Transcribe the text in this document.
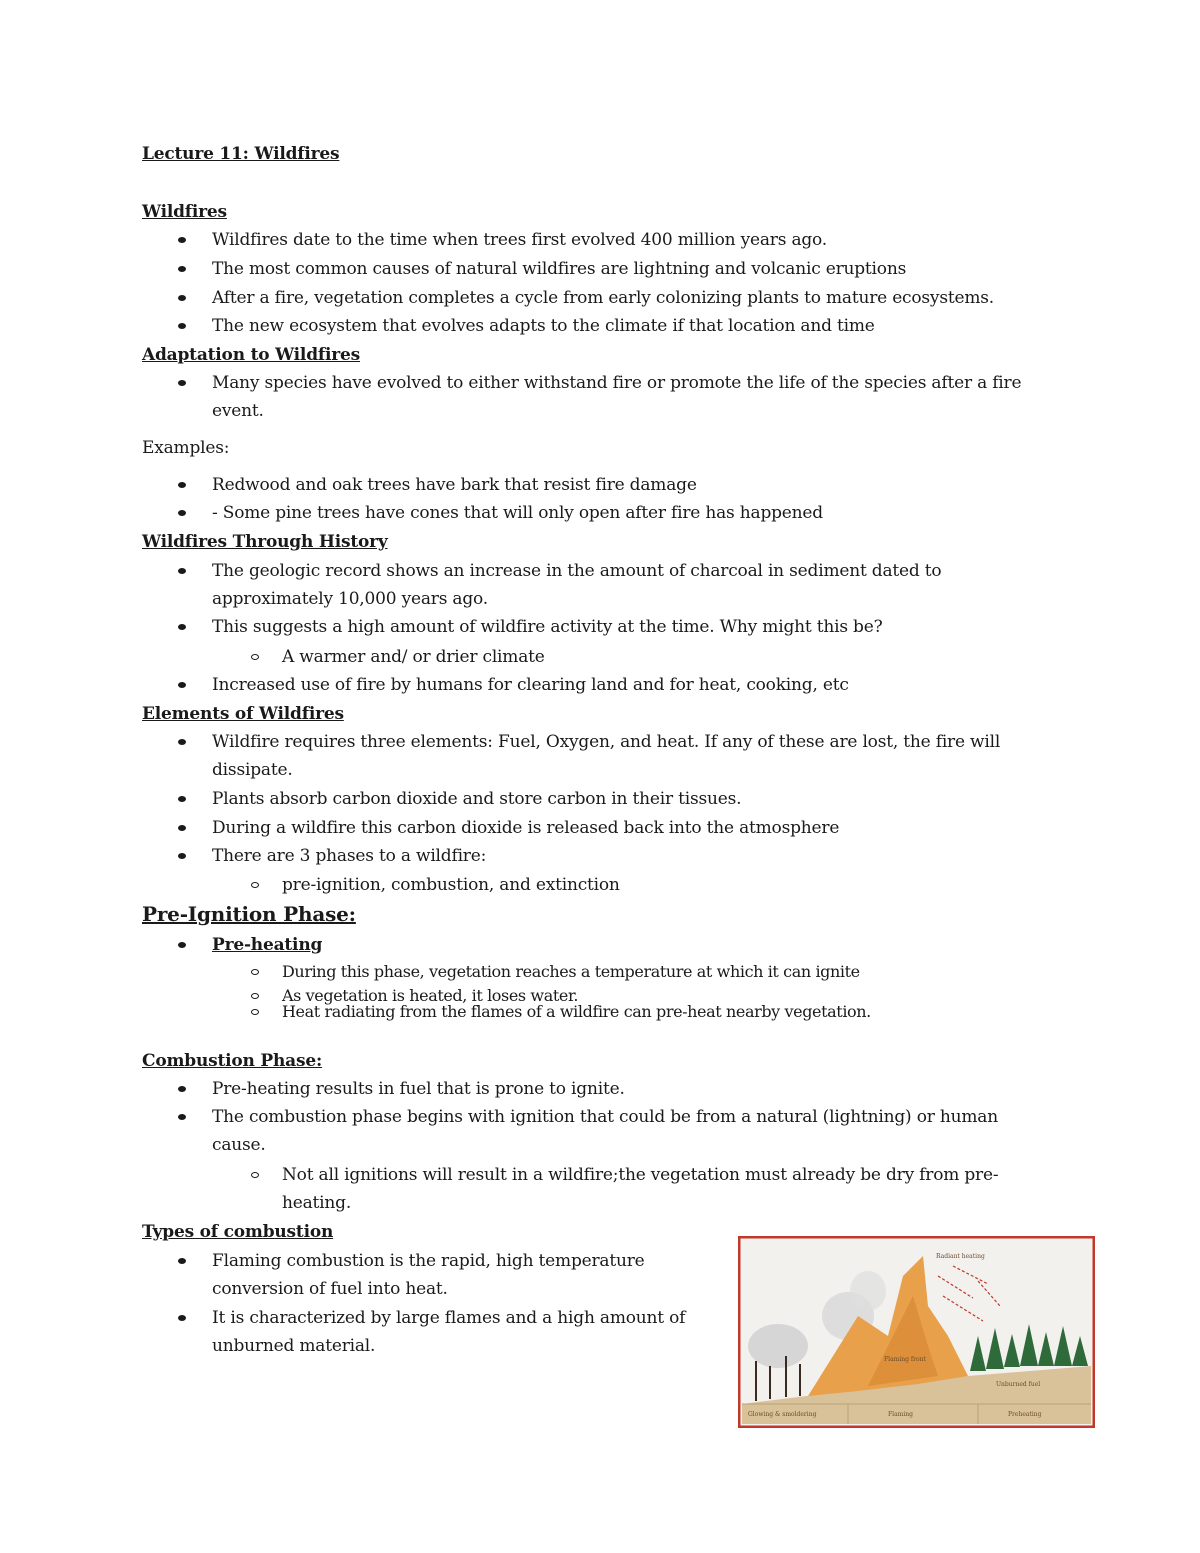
Lecture 11: Wildfires

Wildfires

Wildfires date to the time when trees first evolved 400 million years ago.

The most common causes of natural wildfires are lightning and volcanic eruptions

After a fire, vegetation completes a cycle from early colonizing plants to mature ecosystems.

The new ecosystem that evolves adapts to the climate if that location and time

Adaptation to Wildfires

Many species have evolved to either withstand fire or promote the life of the species after a fire event.

Examples:

Redwood and oak trees have bark that resist fire damage

- Some pine trees have cones that will only open after fire has happened

Wildfires Through History

The geologic record shows an increase in the amount of charcoal in sediment dated to approximately 10,000 years ago.

This suggests a high amount of wildfire activity at the time. Why might this be?

A warmer and/ or drier climate

Increased use of fire by humans for clearing land and for heat, cooking, etc

Elements of Wildfires

Wildfire requires three elements: Fuel, Oxygen, and heat. If any of these are lost, the fire will dissipate.

Plants absorb carbon dioxide and store carbon in their tissues.

During a wildfire this carbon dioxide is released back into the atmosphere

There are 3 phases to a wildfire:

pre-ignition, combustion, and extinction

Pre-Ignition Phase:

Pre-heating

During this phase, vegetation reaches a temperature at which it can ignite

As vegetation is heated, it loses water.

Heat radiating from the flames of a wildfire can pre-heat nearby vegetation.

Combustion Phase:

Pre-heating results in fuel that is prone to ignite.

The combustion phase begins with ignition that could be from a natural (lightning) or human cause.

Not all ignitions will result in a wildfire;the vegetation must already be dry from pre-heating.

Types of combustion

Flaming combustion is the rapid, high temperature conversion of fuel into heat.

It is characterized by large flames and a high amount of unburned material.

Radiant heating
Flaming front
Unburned fuel
Glowing & smoldering	Flaming	Preheating
